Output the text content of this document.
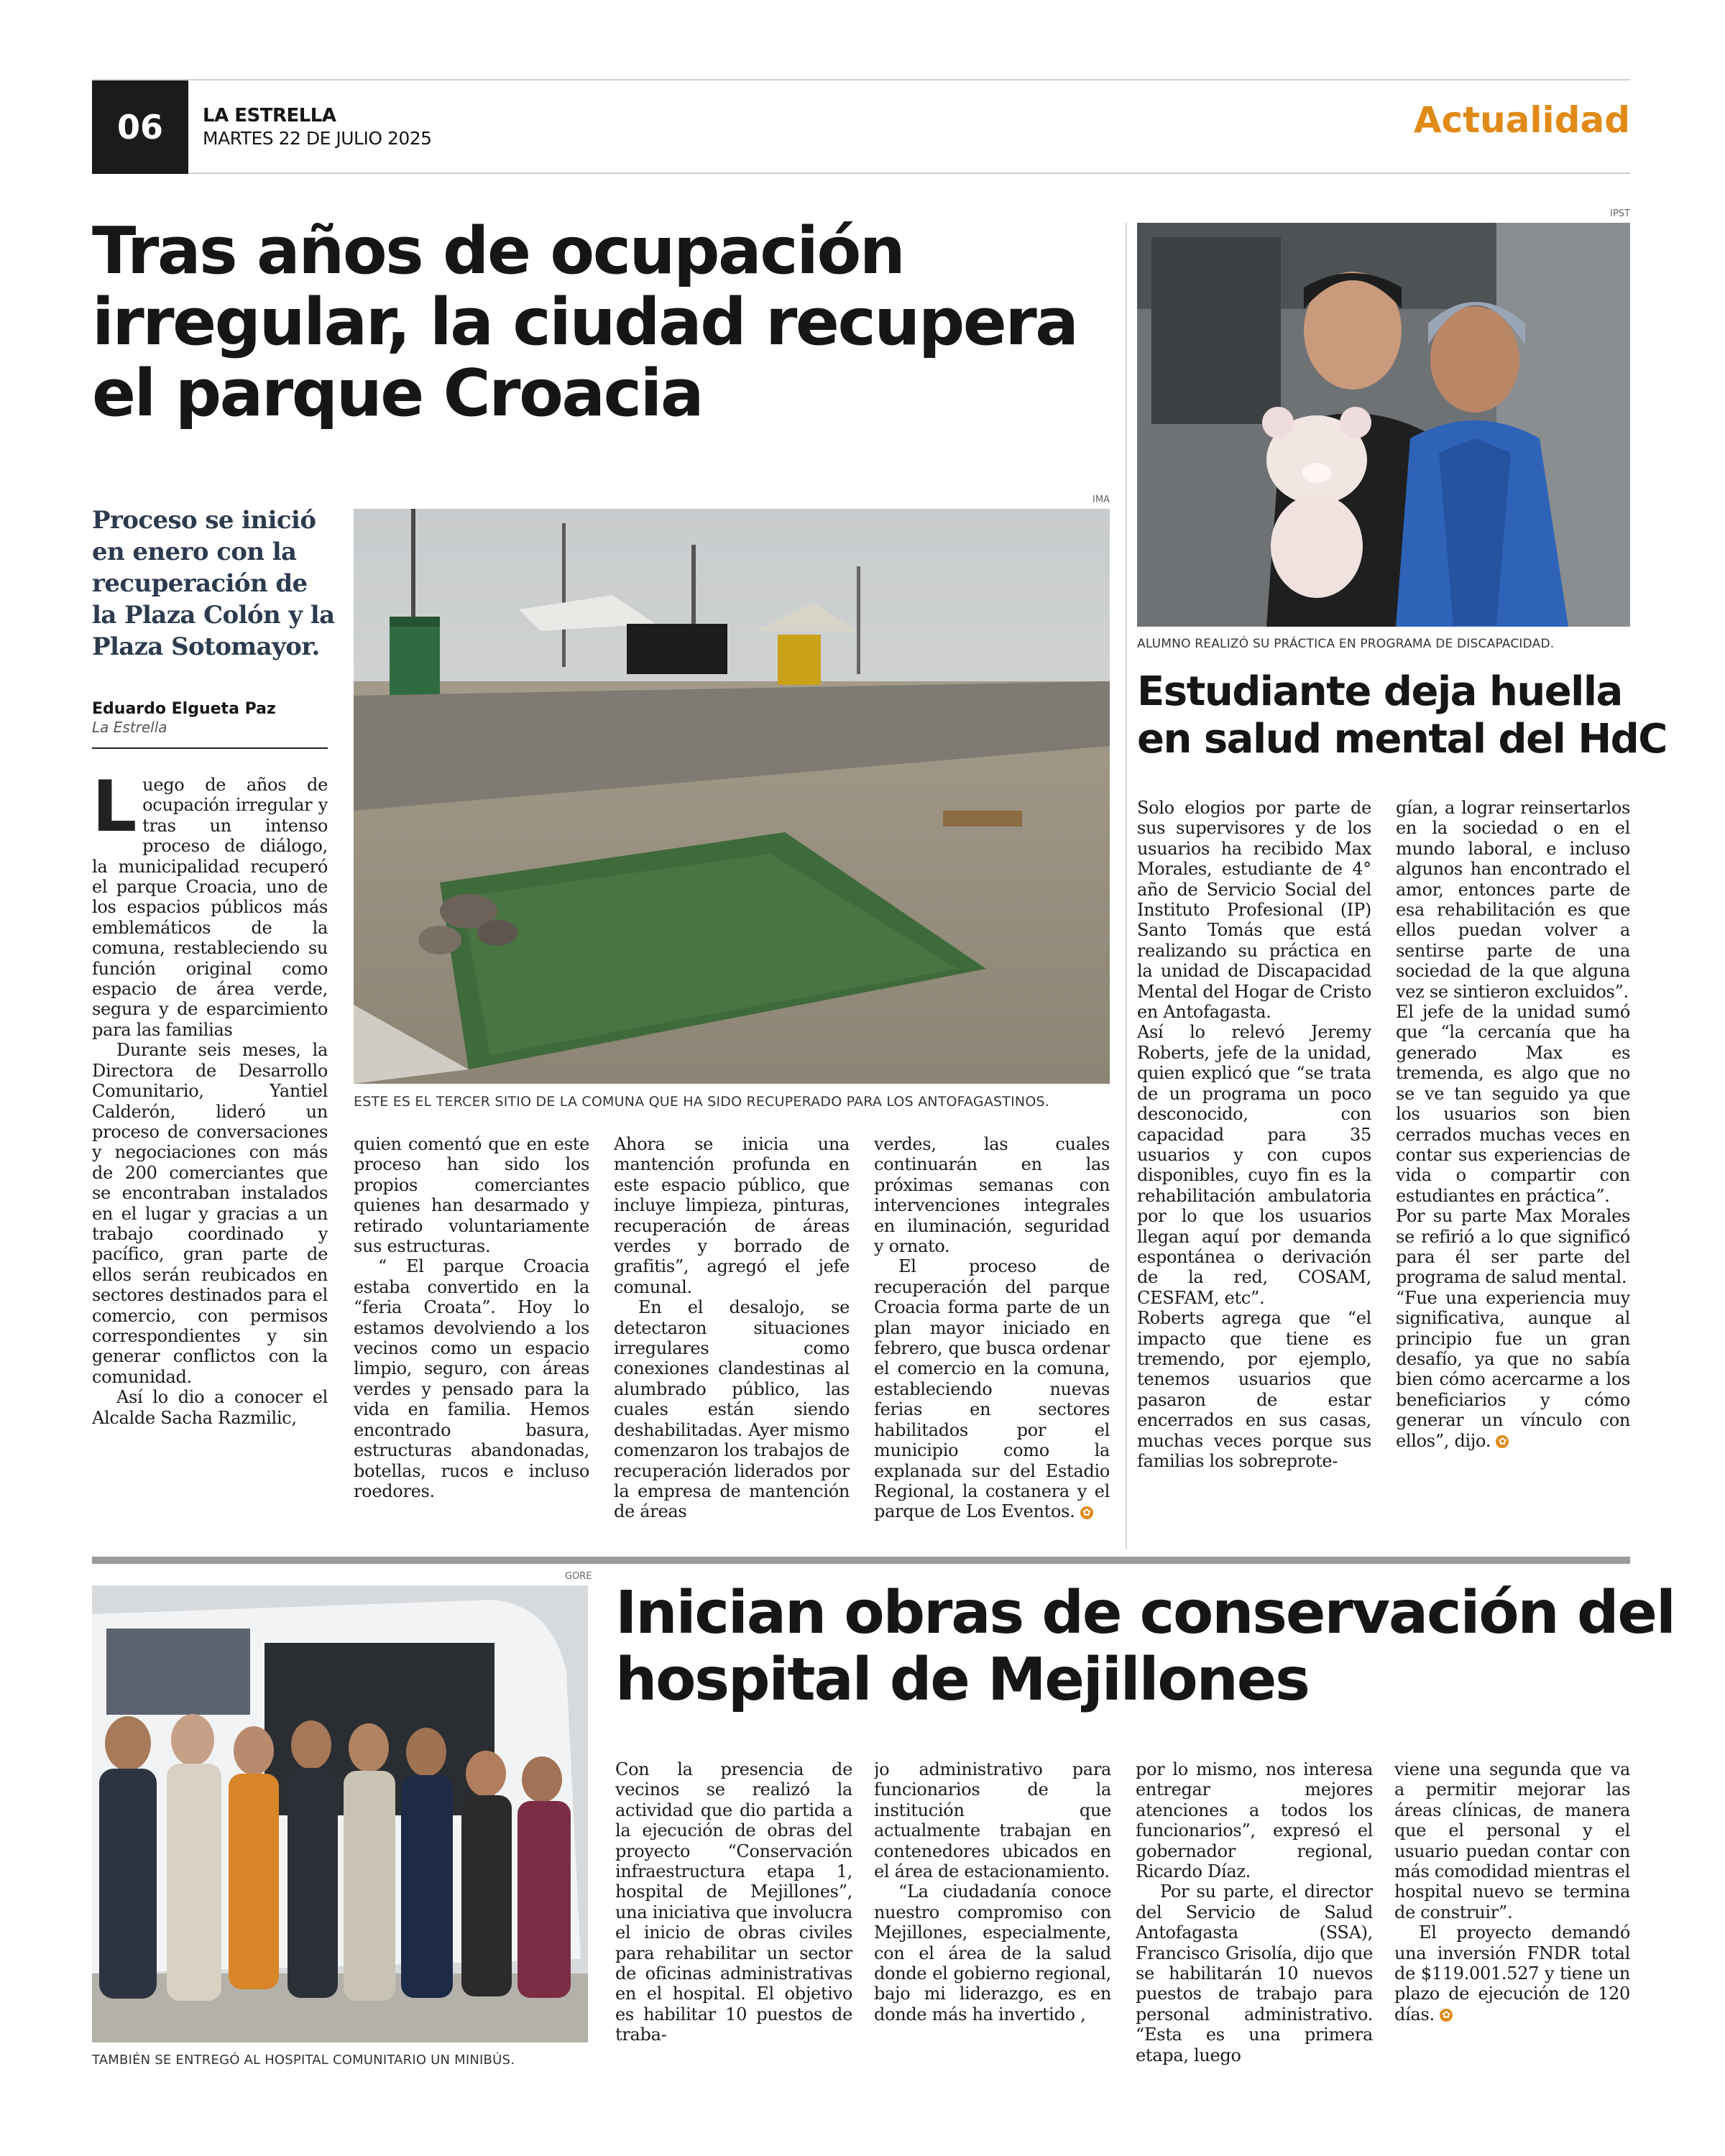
06	LA ESTRELLA
MARTES 22 DE JULIO 2025	Actualidad
Tras años de ocupación
irregular, la ciudad recupera
el parque Croacia
Proceso se inició
en enero con la
recuperación de
la Plaza Colón y la
Plaza Sotomayor.
Eduardo Elgueta Paz
La Estrella
IMA
ESTE ES EL TERCER SITIO DE LA COMUNA QUE HA SIDO RECUPERADO PARA LOS ANTOFAGASTINOS.

Luego de años de ocupación irregular y tras un intenso proceso de diálogo, la municipalidad recuperó el parque Croacia, uno de los espacios públicos más emblemáticos de la comuna, restableciendo su función original como espacio de área verde, segura y de esparcimiento para las familias

Durante seis meses, la Directora de Desarrollo Comunitario, Yantiel Calderón, lideró un proceso de conversaciones y negociaciones con más de 200 comerciantes que se encontraban instalados en el lugar y gracias a un trabajo coordinado y pacífico, gran parte de ellos serán reubicados en sectores destinados para el comercio, con permisos correspondientes y sin generar conflictos con la comunidad.

Así lo dio a conocer el Alcalde Sacha Razmilic,

quien comentó que en este proceso han sido los propios comerciantes quienes han desarmado y retirado voluntariamente sus estructuras.

“ El parque Croacia estaba convertido en la “feria Croata”. Hoy lo estamos devolviendo a los vecinos como un espacio limpio, seguro, con áreas verdes y pensado para la vida en familia. Hemos encontrado basura, estructuras abandonadas, botellas, rucos e incluso roedores.

Ahora se inicia una mantención profunda en este espacio público, que incluye limpieza, pinturas, recuperación de áreas verdes y borrado de grafitis”, agregó el jefe comunal.

En el desalojo, se detectaron situaciones irregulares como conexiones clandestinas al alumbrado público, las cuales están siendo deshabilitadas. Ayer mismo comenzaron los trabajos de recuperación liderados por la empresa de mantención de áreas

verdes, las cuales continuarán en las próximas semanas con intervenciones integrales en iluminación, seguridad y ornato.

El proceso de recuperación del parque Croacia forma parte de un plan mayor iniciado en febrero, que busca ordenar el comercio en la comuna, estableciendo nuevas ferias en sectores habilitados por el municipio como la explanada sur del Estadio Regional, la costanera y el parque de Los Eventos. ✿

IPST
ALUMNO REALIZÓ SU PRÁCTICA EN PROGRAMA DE DISCAPACIDAD.
Estudiante deja huella
en salud mental del HdC

Solo elogios por parte de sus supervisores y de los usuarios ha recibido Max Morales, estudiante de 4° año de Servicio Social del Instituto Profesional (IP) Santo Tomás que está realizando su práctica en la unidad de Discapacidad Mental del Hogar de Cristo en Antofagasta.

Así lo relevó Jeremy Roberts, jefe de la unidad, quien explicó que “se trata de un programa un poco desconocido, con capacidad para 35 usuarios y con cupos disponibles, cuyo fin es la rehabilitación ambulatoria por lo que los usuarios llegan aquí por demanda espontánea o derivación de la red, COSAM, CESFAM, etc”.

Roberts agrega que “el impacto que tiene es tremendo, por ejemplo, tenemos usuarios que pasaron de estar encerrados en sus casas, muchas veces porque sus familias los sobreprote-

gían, a lograr reinsertarlos en la sociedad o en el mundo laboral, e incluso algunos han encontrado el amor, entonces parte de esa rehabilitación es que ellos puedan volver a sentirse parte de una sociedad de la que alguna vez se sintieron excluidos”.

El jefe de la unidad sumó que “la cercanía que ha generado Max es tremenda, es algo que no se ve tan seguido ya que los usuarios son bien cerrados muchas veces en contar sus experiencias de vida o compartir con estudiantes en práctica”.

Por su parte Max Morales se refirió a lo que significó para él ser parte del programa de salud mental.

“Fue una experiencia muy significativa, aunque al principio fue un gran desafío, ya que no sabía bien cómo acercarme a los beneficiarios y cómo generar un vínculo con ellos”, dijo. ✿

GORE
TAMBIÉN SE ENTREGÓ AL HOSPITAL COMUNITARIO UN MINIBÚS.
Inician obras de conservación del
hospital de Mejillones

Con la presencia de vecinos se realizó la actividad que dio partida a la ejecución de obras del proyecto “Conservación infraestructura etapa 1, hospital de Mejillones”, una iniciativa que involucra el inicio de obras civiles para rehabilitar un sector de oficinas administrativas en el hospital. El objetivo es habilitar 10 puestos de traba-

jo administrativo para funcionarios de la institución que actualmente trabajan en contenedores ubicados en el área de estacionamiento.

“La ciudadanía conoce nuestro compromiso con Mejillones, especialmente, con el área de la salud donde el gobierno regional, bajo mi liderazgo, es en donde más ha invertido ,

por lo mismo, nos interesa entregar mejores atenciones a todos los funcionarios”, expresó el gobernador regional, Ricardo Díaz.

Por su parte, el director del Servicio de Salud Antofagasta (SSA), Francisco Grisolía, dijo que se habilitarán 10 nuevos puestos de trabajo para personal administrativo. “Esta es una primera etapa, luego

viene una segunda que va a permitir mejorar las áreas clínicas, de manera que el personal y el usuario puedan contar con más comodidad mientras el hospital nuevo se termina de construir”.

El proyecto demandó una inversión FNDR total de $119.001.527 y tiene un plazo de ejecución de 120 días. ✿
